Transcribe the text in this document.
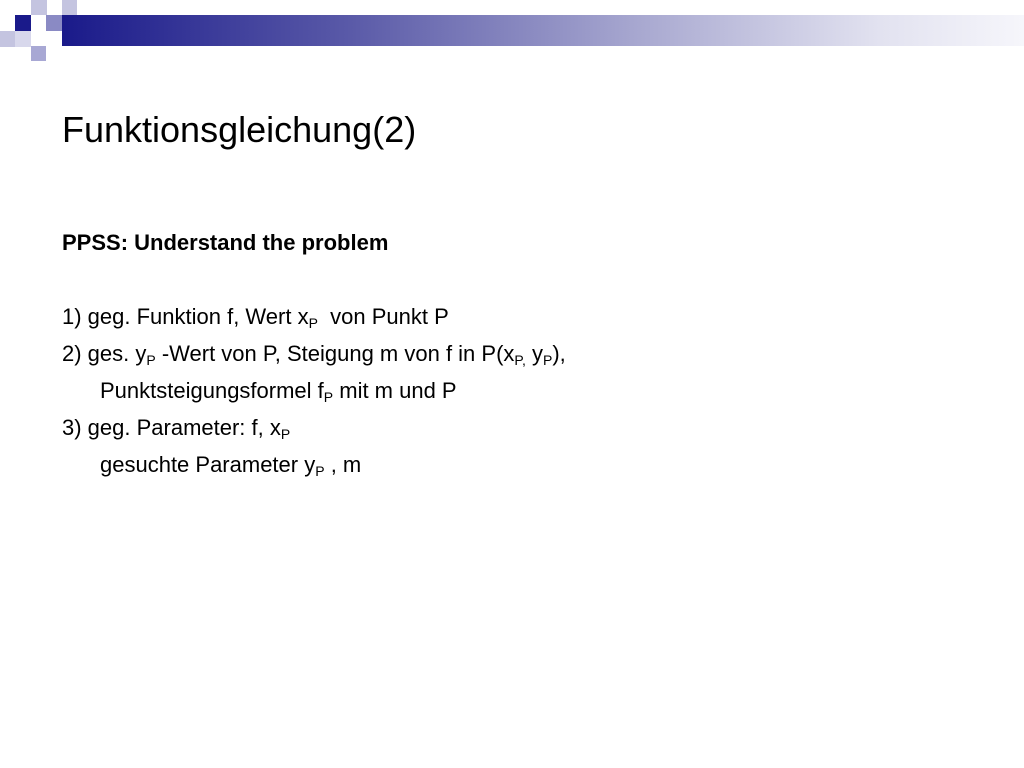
Funktionsgleichung(2)
PPSS: Understand the problem
1) geg. Funktion f, Wert $x_P$  von Punkt P
2) ges. $y_P$ -Wert von P, Steigung m von f in $P(x_{P,}$ $y_P$),
Punktsteigungsformel $f_P$ mit m und P
3) geg. Parameter: f, $x_P$
gesuchte Parameter $y_P$ , m
